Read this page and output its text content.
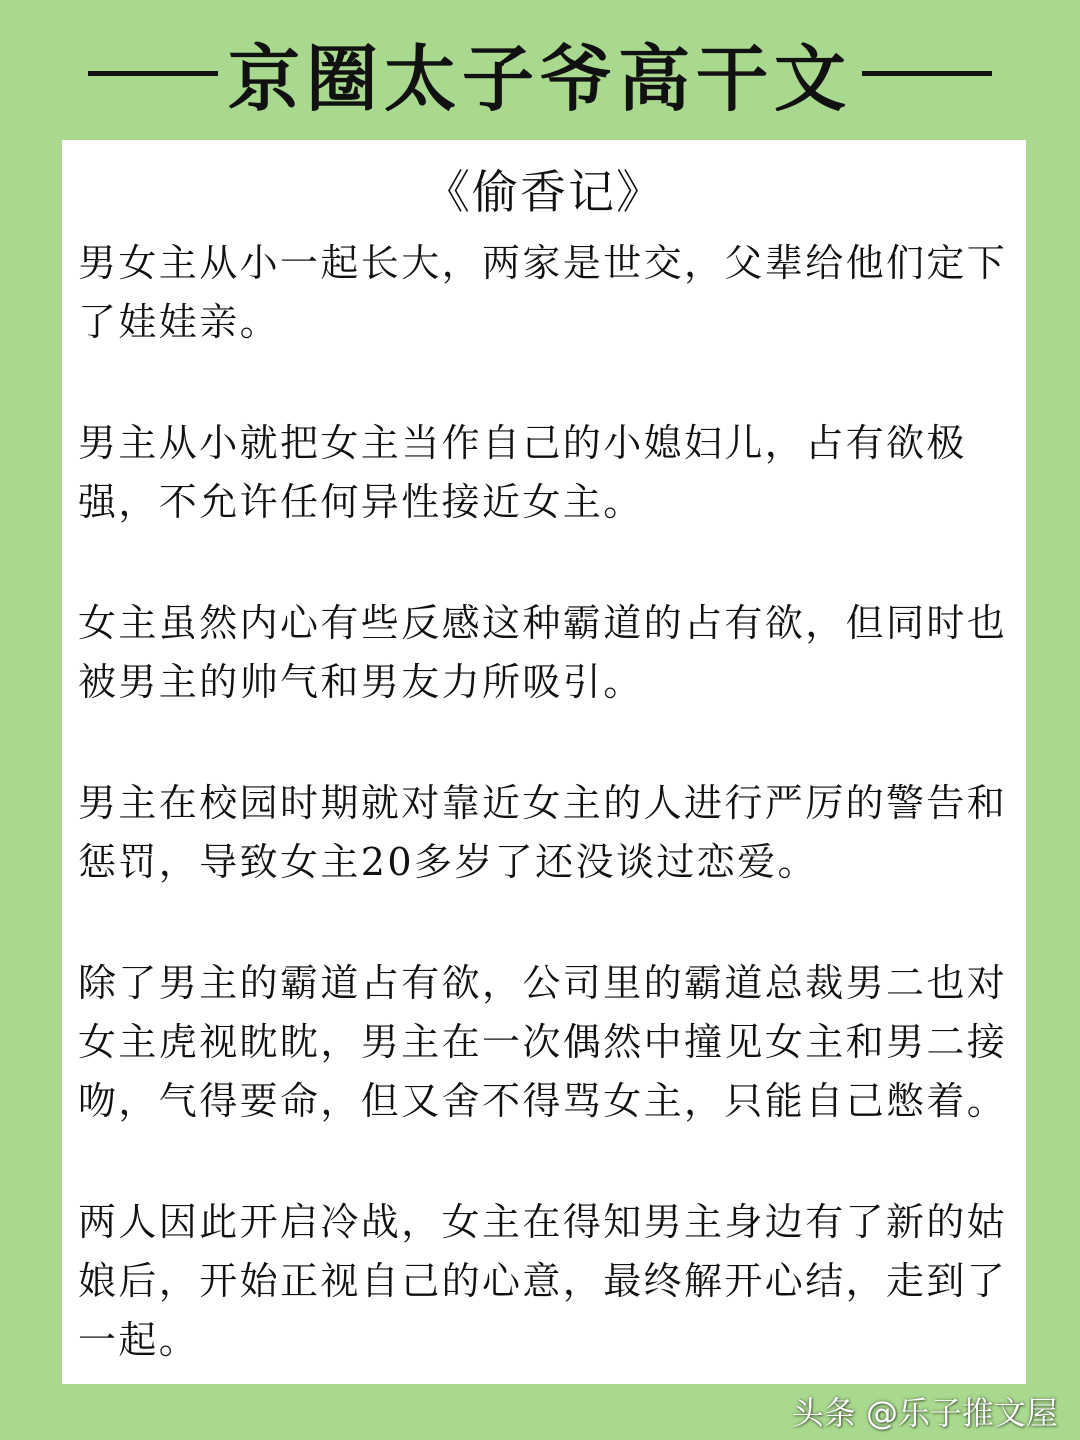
京圈太子爷高干文
《偷香记》

男女主从小一起长大，两家是世交，父辈给他们定下了娃娃亲。

男主从小就把女主当作自己的小媳妇儿，占有欲极强，不允许任何异性接近女主。

女主虽然内心有些反感这种霸道的占有欲，但同时也被男主的帅气和男友力所吸引。

男主在校园时期就对靠近女主的人进行严厉的警告和惩罚，导致女主20多岁了还没谈过恋爱。

除了男主的霸道占有欲，公司里的霸道总裁男二也对女主虎视眈眈，男主在一次偶然中撞见女主和男二接吻，气得要命，但又舍不得骂女主，只能自己憋着。

两人因此开启冷战，女主在得知男主身边有了新的姑娘后，开始正视自己的心意，最终解开心结，走到了一起。

头条 @乐子推文屋
